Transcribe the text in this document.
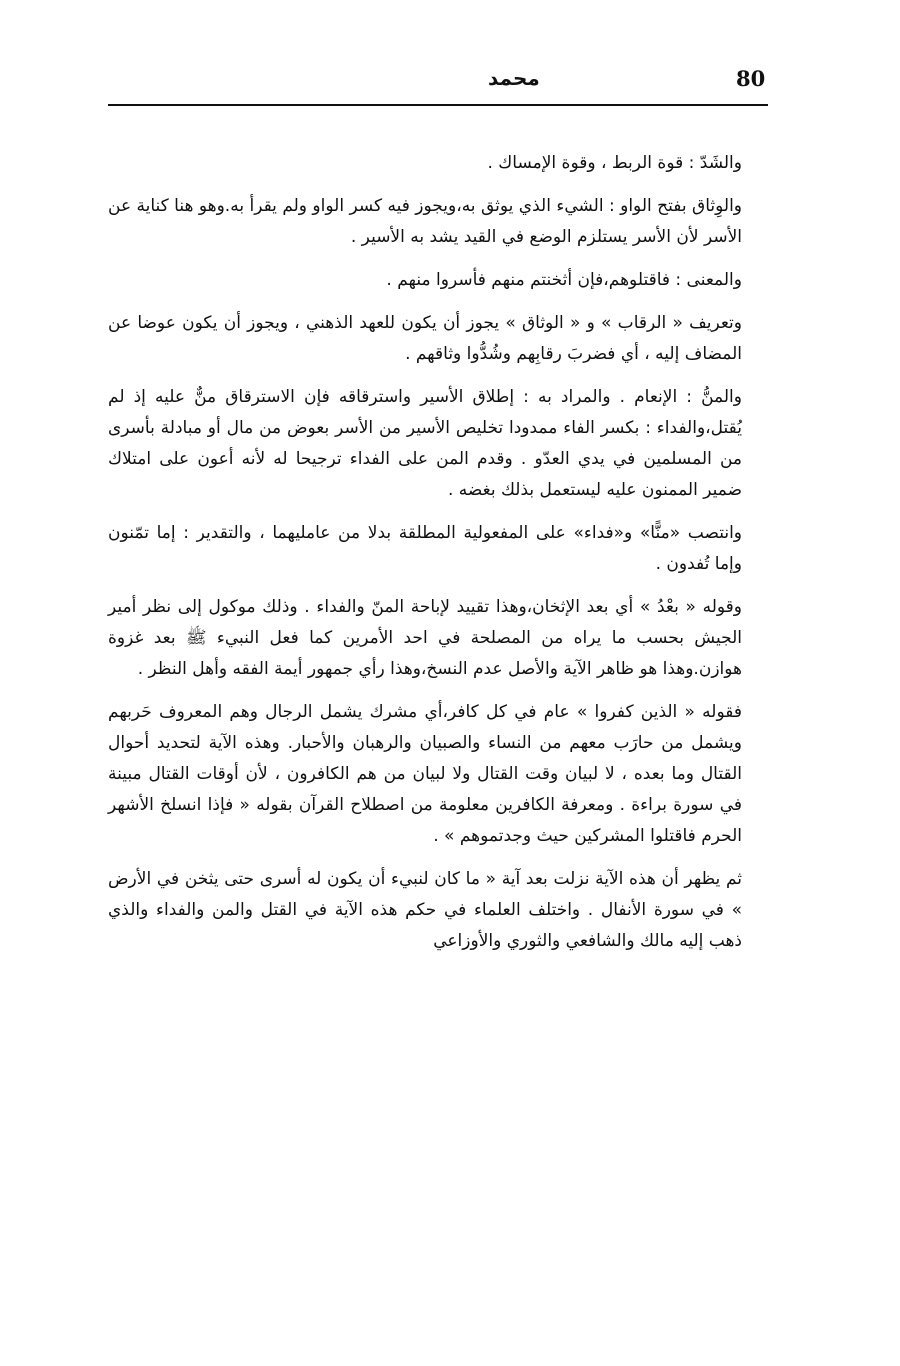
80
محمد

والشَدّ : قوة الربط ، وقوة الإمساك .

والوِثاق بفتح الواو : الشيء الذي يوثق به،ويجوز فيه كسر الواو ولم يقرأ به.وهو هنا كناية عن الأسر لأن الأسر يستلزم الوضع في القيد يشد به الأسير .

والمعنى : فاقتلوهم،فإن أثخنتم منهم فأسروا منهم .

وتعريف « الرقاب » و « الوثاق » يجوز أن يكون للعهد الذهني ، ويجوز أن يكون عوضا عن المضاف إليه ، أي فضربَ رقابِهم وشُدُّوا وثاقهم .

والمنُّ : الإنعام . والمراد به : إطلاق الأسير واسترقاقه فإن الاسترقاق منٌّ عليه إذ لم يُقتل،والفداء : بكسر الفاء ممدودا تخليص الأسير من الأسر بعوض من مال أو مبادلة بأسرى من المسلمين في يدي العدّو . وقدم المن على الفداء ترجيحا له لأنه أعون على امتلاك ضمير الممنون عليه ليستعمل بذلك بغضه .

وانتصب «منًّا» و«فداء» على المفعولية المطلقة بدلا من عامليهما ، والتقدير : إما تمّنون وإما تُفدون .

وقوله « بعْدُ » أي بعد الإثخان،وهذا تقييد لإباحة المنّ والفداء . وذلك موكول إلى نظر أمير الجيش بحسب ما يراه من المصلحة في احد الأمرين كما فعل النبيء ﷺ بعد غزوة هوازن.وهذا هو ظاهر الآية والأصل عدم النسخ،وهذا رأي جمهور أيمة الفقه وأهل النظر .

فقوله « الذين كفروا » عام في كل كافر،أي مشرك يشمل الرجال وهم المعروف حَربهم ويشمل من حارَب معهم من النساء والصبيان والرهبان والأحبار. وهذه الآية لتحديد أحوال القتال وما بعده ، لا لبيان وقت القتال ولا لبيان من هم الكافرون ، لأن أوقات القتال مبينة في سورة براءة . ومعرفة الكافرين معلومة من اصطلاح القرآن بقوله « فإذا انسلخ الأشهر الحرم فاقتلوا المشركين حيث وجدتموهم » .

ثم يظهر أن هذه الآية نزلت بعد آية « ما كان لنبيء أن يكون له أسرى حتى يثخن في الأرض » في سورة الأنفال . واختلف العلماء في حكم هذه الآية في القتل والمن والفداء والذي ذهب إليه مالك والشافعي والثوري والأوزاعي
